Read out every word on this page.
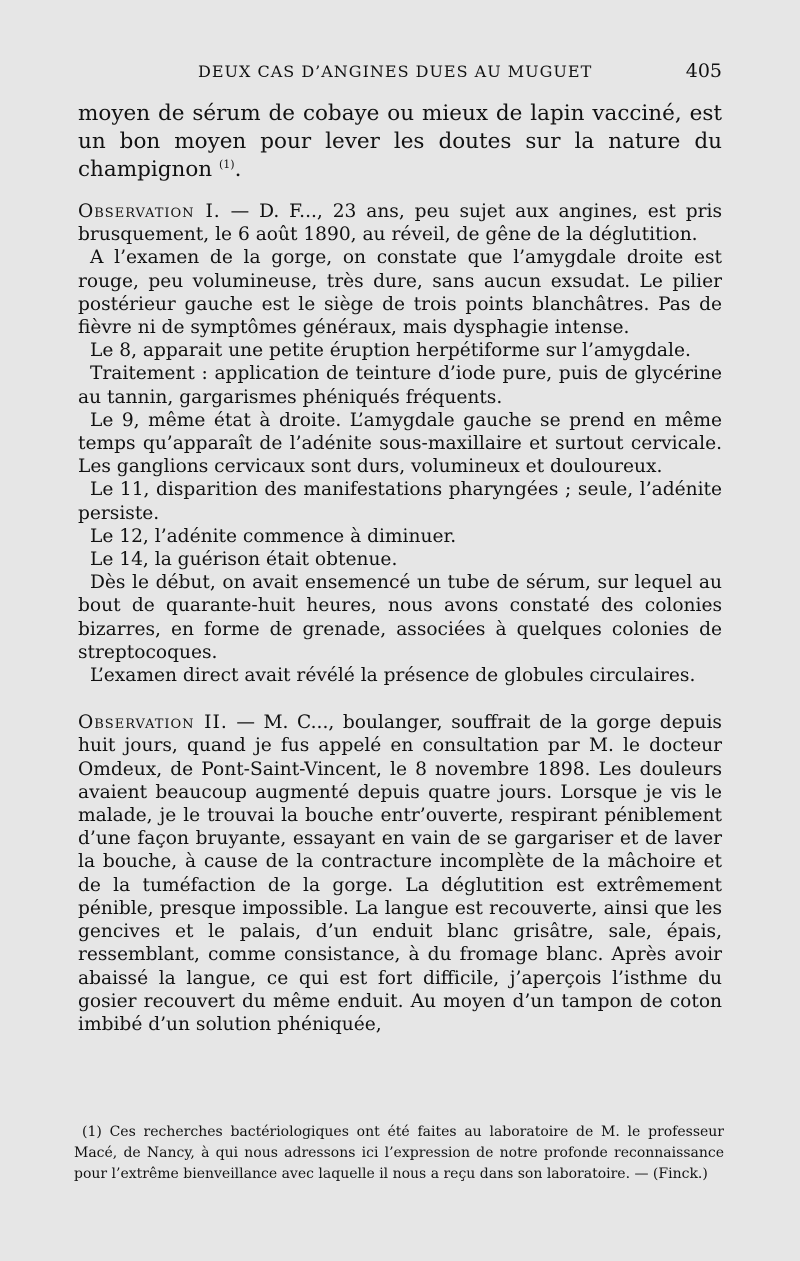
DEUX CAS D’ANGINES DUES AU MUGUET	405

moyen de sérum de cobaye ou mieux de lapin vacciné, est un bon moyen pour lever les doutes sur la nature du champignon $^{(1)}$.

Observation I. — D. F..., 23 ans, peu sujet aux angines, est pris brusquement, le 6 août 1890, au réveil, de gêne de la déglutition.

A l’examen de la gorge, on constate que l’amygdale droite est rouge, peu volumineuse, très dure, sans aucun exsudat. Le pilier postérieur gauche est le siège de trois points blanchâtres. Pas de fièvre ni de symptômes généraux, mais dysphagie intense.

Le 8, apparait une petite éruption herpétiforme sur l’amygdale.

Traitement : application de teinture d’iode pure, puis de glycérine au tannin, gargarismes phéniqués fréquents.

Le 9, même état à droite. L’amygdale gauche se prend en même temps qu’apparaît de l’adénite sous-maxillaire et surtout cervicale. Les ganglions cervicaux sont durs, volumineux et douloureux.

Le 11, disparition des manifestations pharyngées ; seule, l’adénite persiste.

Le 12, l’adénite commence à diminuer.

Le 14, la guérison était obtenue.

Dès le début, on avait ensemencé un tube de sérum, sur lequel au bout de quarante-huit heures, nous avons constaté des colonies bizarres, en forme de grenade, associées à quelques colonies de streptocoques.

L’examen direct avait révélé la présence de globules circulaires.

Observation II. — M. C..., boulanger, souffrait de la gorge depuis huit jours, quand je fus appelé en consultation par M. le docteur Omdeux, de Pont-Saint-Vincent, le 8 novembre 1898. Les douleurs avaient beaucoup augmenté depuis quatre jours. Lorsque je vis le malade, je le trouvai la bouche entr’ouverte, respirant péniblement d’une façon bruyante, essayant en vain de se gargariser et de laver la bouche, à cause de la contracture incomplète de la mâchoire et de la tuméfaction de la gorge. La déglutition est extrêmement pénible, presque impossible. La langue est recouverte, ainsi que les gencives et le palais, d’un enduit blanc grisâtre, sale, épais, ressemblant, comme consistance, à du fromage blanc. Après avoir abaissé la langue, ce qui est fort difficile, j’aperçois l’isthme du gosier recouvert du même enduit. Au moyen d’un tampon de coton imbibé d’un solution phéniquée,

(1) Ces recherches bactériologiques ont été faites au laboratoire de M. le professeur Macé, de Nancy, à qui nous adressons ici l’expression de notre profonde reconnaissance pour l’extrême bienveillance avec laquelle il nous a reçu dans son laboratoire. — (Finck.)
